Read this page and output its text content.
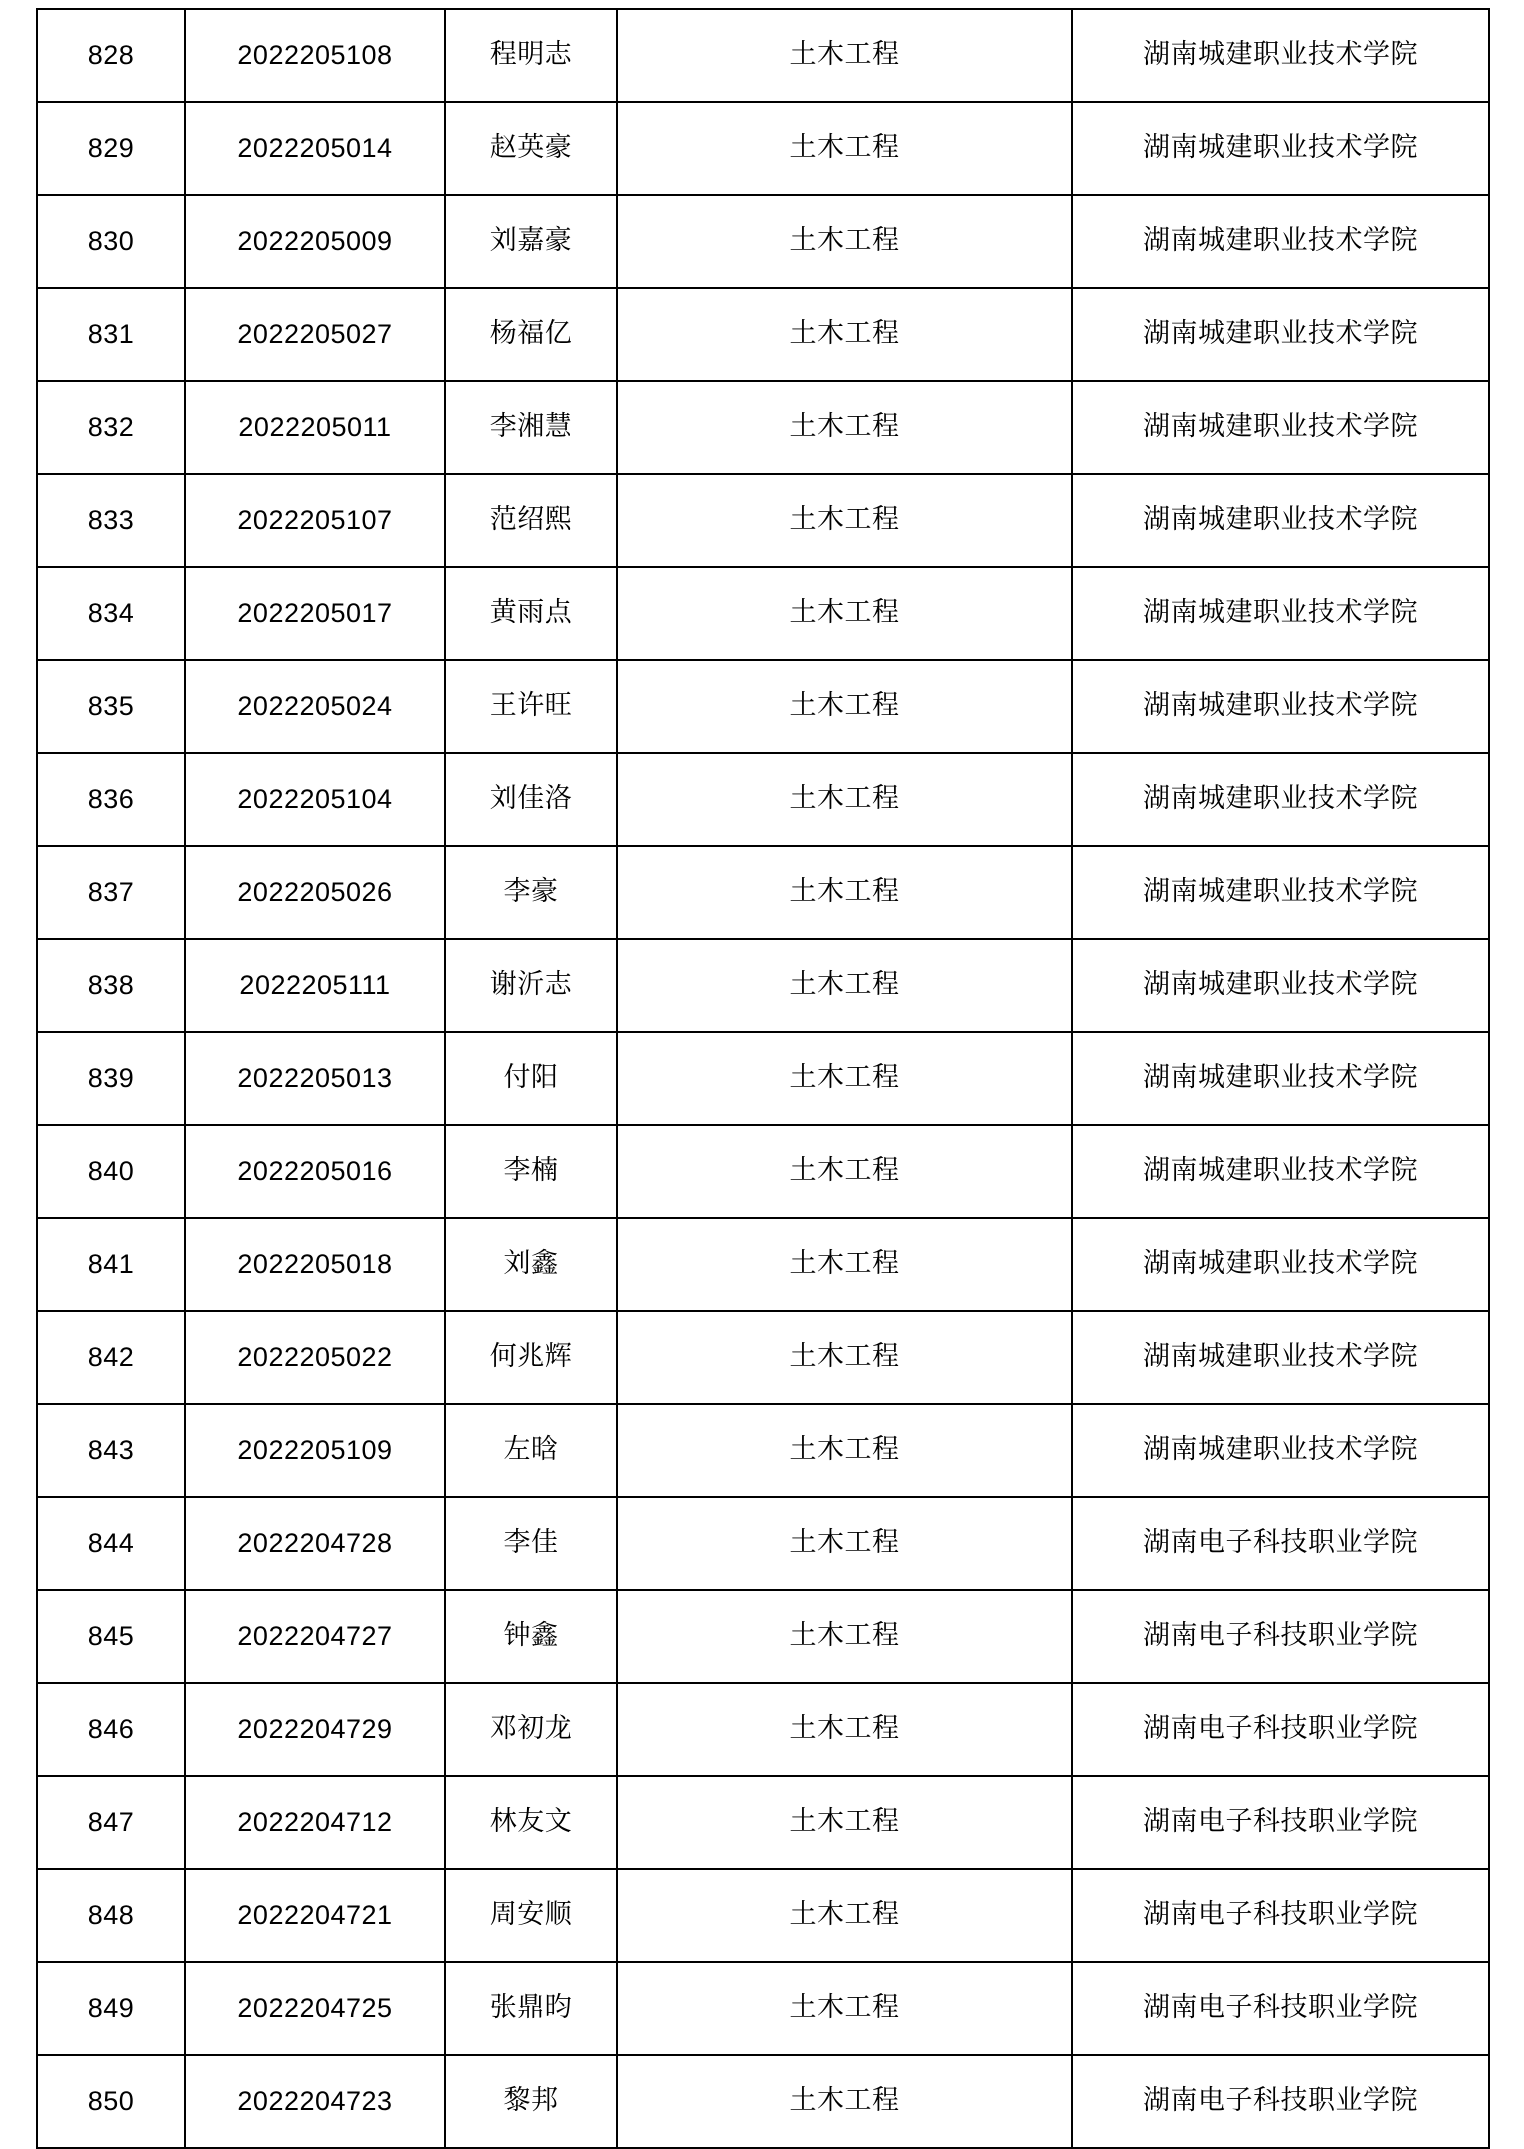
828	2022205108	程明志	土木工程	湖南城建职业技术学院
829	2022205014	赵英豪	土木工程	湖南城建职业技术学院
830	2022205009	刘嘉豪	土木工程	湖南城建职业技术学院
831	2022205027	杨福亿	土木工程	湖南城建职业技术学院
832	2022205011	李湘慧	土木工程	湖南城建职业技术学院
833	2022205107	范绍熙	土木工程	湖南城建职业技术学院
834	2022205017	黄雨点	土木工程	湖南城建职业技术学院
835	2022205024	王许旺	土木工程	湖南城建职业技术学院
836	2022205104	刘佳洛	土木工程	湖南城建职业技术学院
837	2022205026	李豪	土木工程	湖南城建职业技术学院
838	2022205111	谢沂志	土木工程	湖南城建职业技术学院
839	2022205013	付阳	土木工程	湖南城建职业技术学院
840	2022205016	李楠	土木工程	湖南城建职业技术学院
841	2022205018	刘鑫	土木工程	湖南城建职业技术学院
842	2022205022	何兆辉	土木工程	湖南城建职业技术学院
843	2022205109	左晗	土木工程	湖南城建职业技术学院
844	2022204728	李佳	土木工程	湖南电子科技职业学院
845	2022204727	钟鑫	土木工程	湖南电子科技职业学院
846	2022204729	邓初龙	土木工程	湖南电子科技职业学院
847	2022204712	林友文	土木工程	湖南电子科技职业学院
848	2022204721	周安顺	土木工程	湖南电子科技职业学院
849	2022204725	张鼎昀	土木工程	湖南电子科技职业学院
850	2022204723	黎邦	土木工程	湖南电子科技职业学院
